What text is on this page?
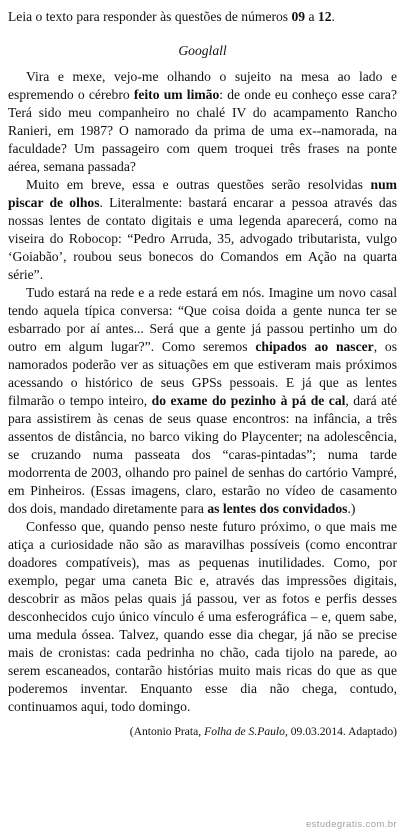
Leia o texto para responder às questões de números 09 a 12.

Googlall

Vira e mexe, vejo-me olhando o sujeito na mesa ao lado e espremendo o cérebro feito um limão: de onde eu conheço esse cara? Terá sido meu companheiro no chalé IV do acampamento Rancho Ranieri, em 1987? O namorado da prima de uma ex--namorada, na faculdade? Um passageiro com quem troquei três frases na ponte aérea, semana passada?

Muito em breve, essa e outras questões serão resolvidas num piscar de olhos. Literalmente: bastará encarar a pessoa através das nossas lentes de contato digitais e uma legenda aparecerá, como na viseira do Robocop: “Pedro Arruda, 35, advogado tributarista, vulgo ‘Goiabão’, roubou seus bonecos do Comandos em Ação na quarta série”.

Tudo estará na rede e a rede estará em nós. Imagine um novo casal tendo aquela típica conversa: “Que coisa doida a gente nunca ter se esbarrado por aí antes... Será que a gente já passou pertinho um do outro em algum lugar?”. Como seremos chipados ao nascer, os namorados poderão ver as situações em que estiveram mais próximos acessando o histórico de seus GPSs pessoais. E já que as lentes filmarão o tempo inteiro, do exame do pezinho à pá de cal, dará até para assistirem às cenas de seus quase encontros: na infância, a três assentos de distância, no barco viking do Playcenter; na adolescência, se cruzando numa passeata dos “caras-pintadas”; numa tarde modorrenta de 2003, olhando pro painel de senhas do cartório Vampré, em Pinheiros. (Essas imagens, claro, estarão no vídeo de casamento dos dois, mandado diretamente para as lentes dos convidados.)

Confesso que, quando penso neste futuro próximo, o que mais me atiça a curiosidade não são as maravilhas possíveis (como encontrar doadores compatíveis), mas as pequenas inutilidades. Como, por exemplo, pegar uma caneta Bic e, através das impressões digitais, descobrir as mãos pelas quais já passou, ver as fotos e perfis desses desconhecidos cujo único vínculo é uma esferográfica – e, quem sabe, uma medula óssea. Talvez, quando esse dia chegar, já não se precise mais de cronistas: cada pedrinha no chão, cada tijolo na parede, ao serem escaneados, contarão histórias muito mais ricas do que as que poderemos inventar. Enquanto esse dia não chega, contudo, continuamos aqui, todo domingo.

(Antonio Prata, Folha de S.Paulo, 09.03.2014. Adaptado)

estudegratis.com.br
